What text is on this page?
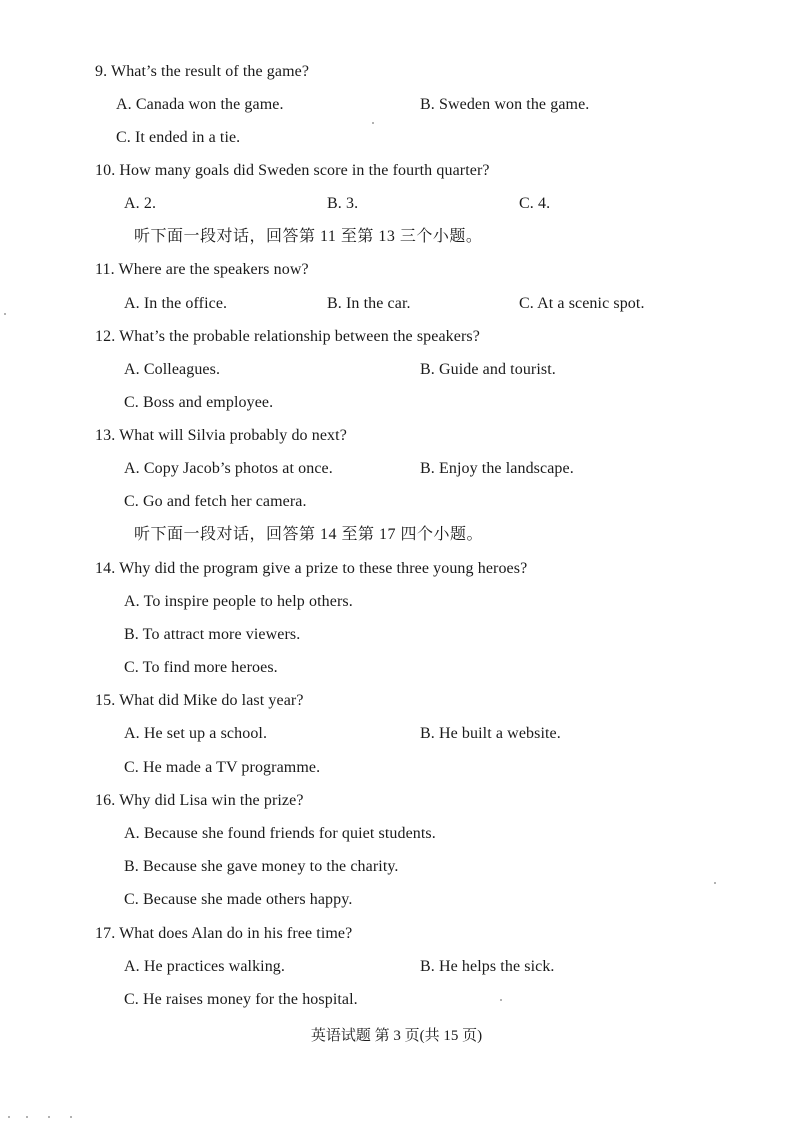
9. What’s the result of the game?
A. Canada won the game.	B. Sweden won the game.
C. It ended in a tie.
10. How many goals did Sweden score in the fourth quarter?
A. 2.	B. 3.	C. 4.
听下面一段对话，回答第 11 至第 13 三个小题。
11. Where are the speakers now?
A. In the office.	B. In the car.	C. At a scenic spot.
12. What’s the probable relationship between the speakers?
A. Colleagues.	B. Guide and tourist.
C. Boss and employee.
13. What will Silvia probably do next?
A. Copy Jacob’s photos at once.	B. Enjoy the landscape.
C. Go and fetch her camera.
听下面一段对话，回答第 14 至第 17 四个小题。
14. Why did the program give a prize to these three young heroes?
A. To inspire people to help others.
B. To attract more viewers.
C. To find more heroes.
15. What did Mike do last year?
A. He set up a school.	B. He built a website.
C. He made a TV programme.
16. Why did Lisa win the prize?
A. Because she found friends for quiet students.
B. Because she gave money to the charity.
C. Because she made others happy.
17. What does Alan do in his free time?
A. He practices walking.	B. He helps the sick.
C. He raises money for the hospital.
英语试题 第 3 页(共 15 页)
